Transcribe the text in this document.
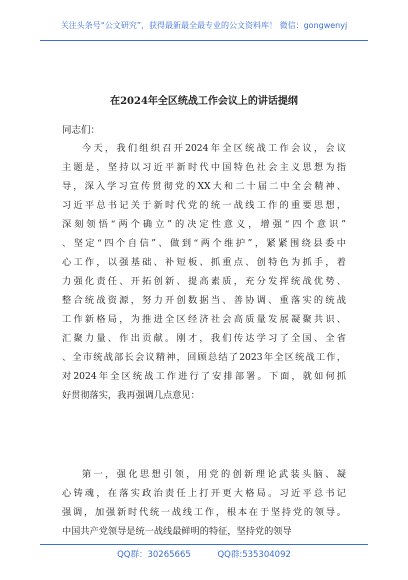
关注头条号“公文研究”，获得最新最全最专业的公文资料库！ 微信：gongwenyj
在2024年全区统战工作会议上的讲话提纲
同志们：
今天，我们组织召开2024年全区统战工作会议，会议
主题是，坚持以习近平新时代中国特色社会主义思想为指
导，深入学习宣传贯彻党的XX大和二十届二中全会精神、
习近平总书记关于新时代党的统一战线工作的重要思想，
深刻领悟“两个确立”的决定性意义，增强“四个意识”
、坚定“四个自信”、做到“两个维护”，紧紧围绕县委中
心工作，以强基础、补短板、抓重点、创特色为抓手，着
力强化责任、开拓创新、提高素质，充分发挥统战优势、
整合统战资源，努力开创数据当、善协调、重落实的统战
工作新格局，为推进全区经济社会高质量发展凝聚共识、
汇聚力量、作出贡献。刚才，我们传达学习了全国、全省
、全市统战部长会议精神，回顾总结了2023年全区统战工作，
对2024年全区统战工作进行了安排部署。下面，就如何抓
好贯彻落实，我再强调几点意见：
第一，强化思想引领，用党的创新理论武装头脑、凝
心铸魂，在落实政治责任上打开更大格局。习近平总书记
强调，加强新时代统一战线工作，根本在于坚持党的领导。
中国共产党领导是统一战线最鲜明的特征，坚持党的领导
QQ群：30265665	QQ群:535304092
